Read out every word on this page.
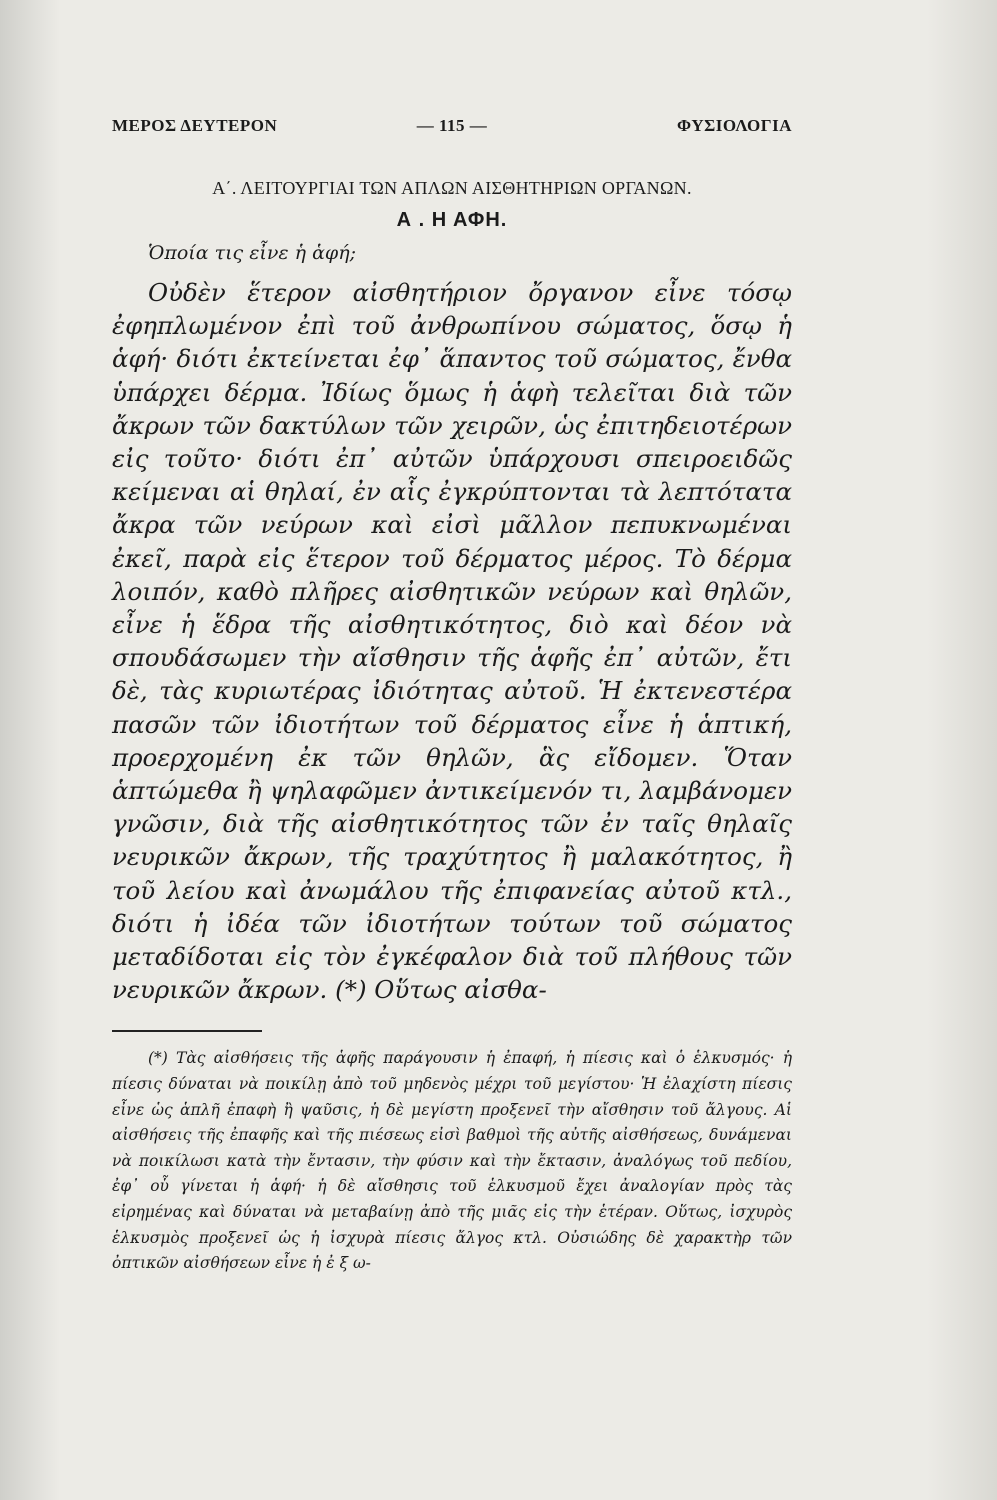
ΜΕΡΟΣ ΔΕΥΤΕΡΟΝ	— 115 —	ΦΥΣΙΟΛΟΓΙΑ
Α΄. ΛΕΙΤΟΥΡΓΙΑΙ ΤΩΝ ΑΠΛΩΝ ΑΙΣΘΗΤΗΡΙΩΝ ΟΡΓΑΝΩΝ.
Α . Η ΑΦΗ.
Ὁποία τις εἶνε ἡ ἁφή;
Οὐδὲν ἕτερον αἰσθητήριον ὄργανον εἶνε τόσῳ ἐφηπλωμένον ἐπὶ τοῦ ἀνθρωπίνου σώματος, ὅσῳ ἡ ἁφή· διότι ἐκτείνεται ἐφ᾽ ἅπαντος τοῦ σώματος, ἔνθα ὑπάρχει δέρμα. Ἰδίως ὅμως ἡ ἁφὴ τελεῖται διὰ τῶν ἄκρων τῶν δακτύλων τῶν χειρῶν, ὡς ἐπιτηδειοτέρων εἰς τοῦτο· διότι ἐπ᾽ αὐτῶν ὑπάρχουσι σπειροειδῶς κείμεναι αἱ θηλαί, ἐν αἷς ἐγκρύπτονται τὰ λεπτότατα ἄκρα τῶν νεύρων καὶ εἰσὶ μᾶλλον πεπυκνωμέναι ἐκεῖ, παρὰ εἰς ἕτερον τοῦ δέρματος μέρος. Τὸ δέρμα λοιπόν, καθὸ πλῆρες αἰσθητικῶν νεύρων καὶ θηλῶν, εἶνε ἡ ἕδρα τῆς αἰσθητικότητος, διὸ καὶ δέον νὰ σπουδάσωμεν τὴν αἴσθησιν τῆς ἁφῆς ἐπ᾽ αὐτῶν, ἔτι δὲ, τὰς κυριωτέρας ἰδιότητας αὐτοῦ. Ἡ ἐκτενεστέρα πασῶν τῶν ἰδιοτήτων τοῦ δέρματος εἶνε ἡ ἁπτική, προερχομένη ἐκ τῶν θηλῶν, ἃς εἴδομεν. Ὅταν ἁπτώμεθα ἢ ψηλαφῶμεν ἀντικείμενόν τι, λαμβάνομεν γνῶσιν, διὰ τῆς αἰσθητικότητος τῶν ἐν ταῖς θηλαῖς νευρικῶν ἄκρων, τῆς τραχύτητος ἢ μαλακότητος, ἢ τοῦ λείου καὶ ἀνωμάλου τῆς ἐπιφανείας αὐτοῦ κτλ., διότι ἡ ἰδέα τῶν ἰδιοτήτων τούτων τοῦ σώματος μεταδίδοται εἰς τὸν ἐγκέφαλον διὰ τοῦ πλήθους τῶν νευρικῶν ἄκρων. (*) Οὕτως αἰσθα-
(*) Τὰς αἰσθήσεις τῆς ἁφῆς παράγουσιν ἡ ἐπαφή, ἡ πίεσις καὶ ὁ ἑλκυσμός· ἡ πίεσις δύναται νὰ ποικίλῃ ἀπὸ τοῦ μηδενὸς μέχρι τοῦ μεγίστου· Ἡ ἐλαχίστη πίεσις εἶνε ὡς ἁπλῆ ἐπαφὴ ἢ ψαῦσις, ἡ δὲ μεγίστη προξενεῖ τὴν αἴσθησιν τοῦ ἄλγους. Αἱ αἰσθήσεις τῆς ἐπαφῆς καὶ τῆς πιέσεως εἰσὶ βαθμοὶ τῆς αὐτῆς αἰσθήσεως, δυνάμεναι νὰ ποικίλωσι κατὰ τὴν ἔντασιν, τὴν φύσιν καὶ τὴν ἔκτασιν, ἀναλόγως τοῦ πεδίου, ἐφ᾽ οὗ γίνεται ἡ ἁφή· ἡ δὲ αἴσθησις τοῦ ἑλκυσμοῦ ἔχει ἀναλογίαν πρὸς τὰς εἰρημένας καὶ δύναται νὰ μεταβαίνῃ ἀπὸ τῆς μιᾶς εἰς τὴν ἑτέραν. Οὕτως, ἰσχυρὸς ἑλκυσμὸς προξενεῖ ὡς ἡ ἰσχυρὰ πίεσις ἄλγος κτλ. Οὐσιώδης δὲ χαρακτὴρ τῶν ὀπτικῶν αἰσθήσεων εἶνε ἡ ἐ ξ ω-
